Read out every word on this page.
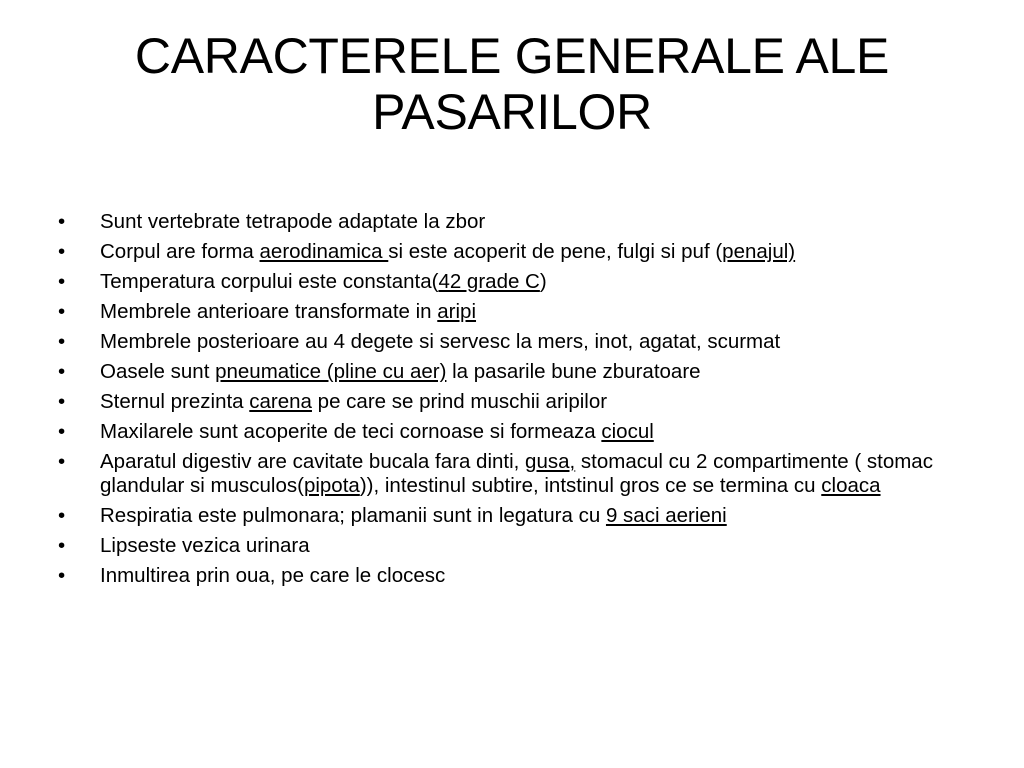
CARACTERELE GENERALE ALE PASARILOR
• Sunt vertebrate tetrapode adaptate la zbor
• Corpul are forma aerodinamica si este acoperit de pene, fulgi si puf (penajul)
• Temperatura corpului este constanta(42 grade C)
• Membrele anterioare transformate in aripi
• Membrele posterioare au 4 degete si servesc la mers, inot, agatat, scurmat
• Oasele sunt pneumatice (pline cu aer) la pasarile bune zburatoare
• Sternul prezinta carena pe care se prind muschii aripilor
• Maxilarele sunt acoperite de teci cornoase si formeaza ciocul
• Aparatul digestiv are cavitate bucala fara dinti, gusa, stomacul cu 2 compartimente ( stomac glandular si musculos(pipota)), intestinul subtire, intstinul gros ce se termina cu cloaca
• Respiratia este pulmonara; plamanii sunt in legatura cu 9 saci aerieni
• Lipseste vezica urinara
• Inmultirea prin oua, pe care le clocesc
